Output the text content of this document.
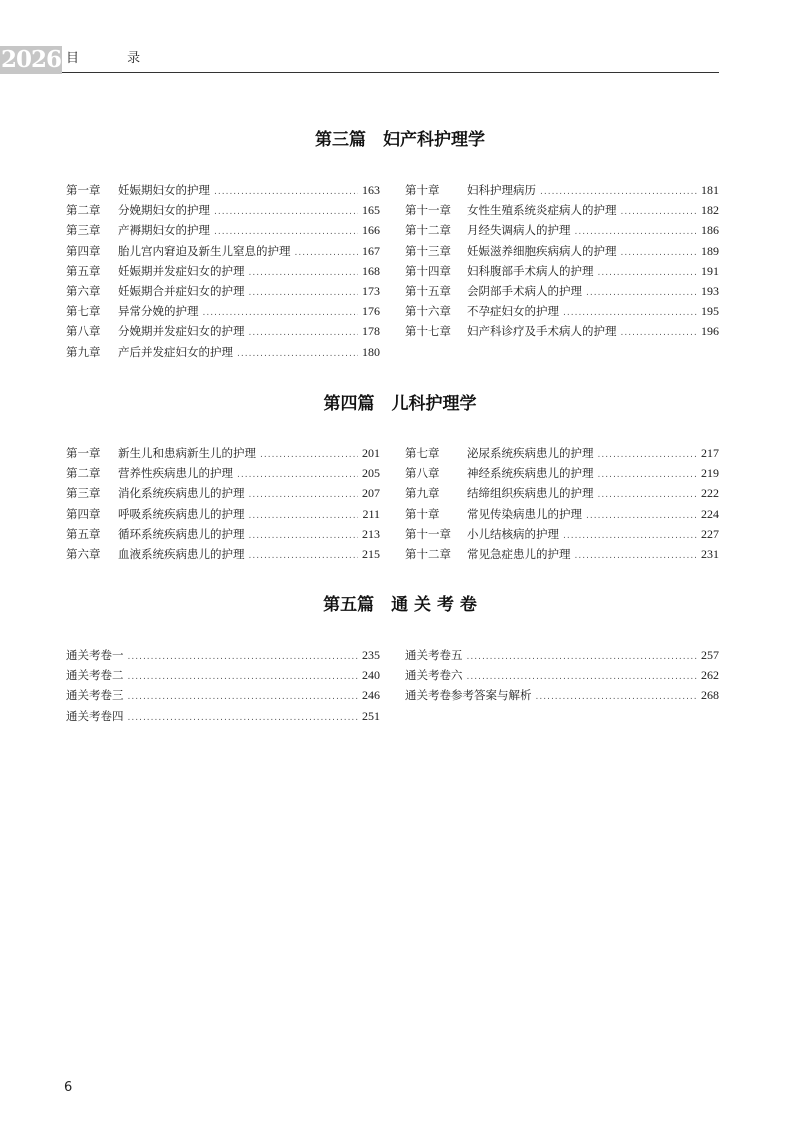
2026 目 录
第三篇　妇产科护理学
第一章	妊娠期妇女的护理 .....	163
第二章	分娩期妇女的护理 .....	165
第三章	产褥期妇女的护理 .....	166
第四章	胎儿宫内窘迫及新生儿窒息的护理 .....	167
第五章	妊娠期并发症妇女的护理 .....	168
第六章	妊娠期合并症妇女的护理 .....	173
第七章	异常分娩的护理 .....	176
第八章	分娩期并发症妇女的护理 .....	178
第九章	产后并发症妇女的护理 .....	180
第十章	妇科护理病历 .....	181
第十一章	女性生殖系统炎症病人的护理 .....	182
第十二章	月经失调病人的护理 .....	186
第十三章	妊娠滋养细胞疾病病人的护理 .....	189
第十四章	妇科腹部手术病人的护理 .....	191
第十五章	会阴部手术病人的护理 .....	193
第十六章	不孕症妇女的护理 .....	195
第十七章	妇产科诊疗及手术病人的护理 .....	196
第四篇　儿科护理学
第一章	新生儿和患病新生儿的护理 .....	201
第二章	营养性疾病患儿的护理 .....	205
第三章	消化系统疾病患儿的护理 .....	207
第四章	呼吸系统疾病患儿的护理 .....	211
第五章	循环系统疾病患儿的护理 .....	213
第六章	血液系统疾病患儿的护理 .....	215
第七章	泌尿系统疾病患儿的护理 .....	217
第八章	神经系统疾病患儿的护理 .....	219
第九章	结缔组织疾病患儿的护理 .....	222
第十章	常见传染病患儿的护理 .....	224
第十一章	小儿结核病的护理 .....	227
第十二章	常见急症患儿的护理 .....	231
第五篇　通 关 考 卷
通关考卷一 .....	235
通关考卷二 .....	240
通关考卷三 .....	246
通关考卷四 .....	251
通关考卷五 .....	257
通关考卷六 .....	262
通关考卷参考答案与解析 .....	268
6
